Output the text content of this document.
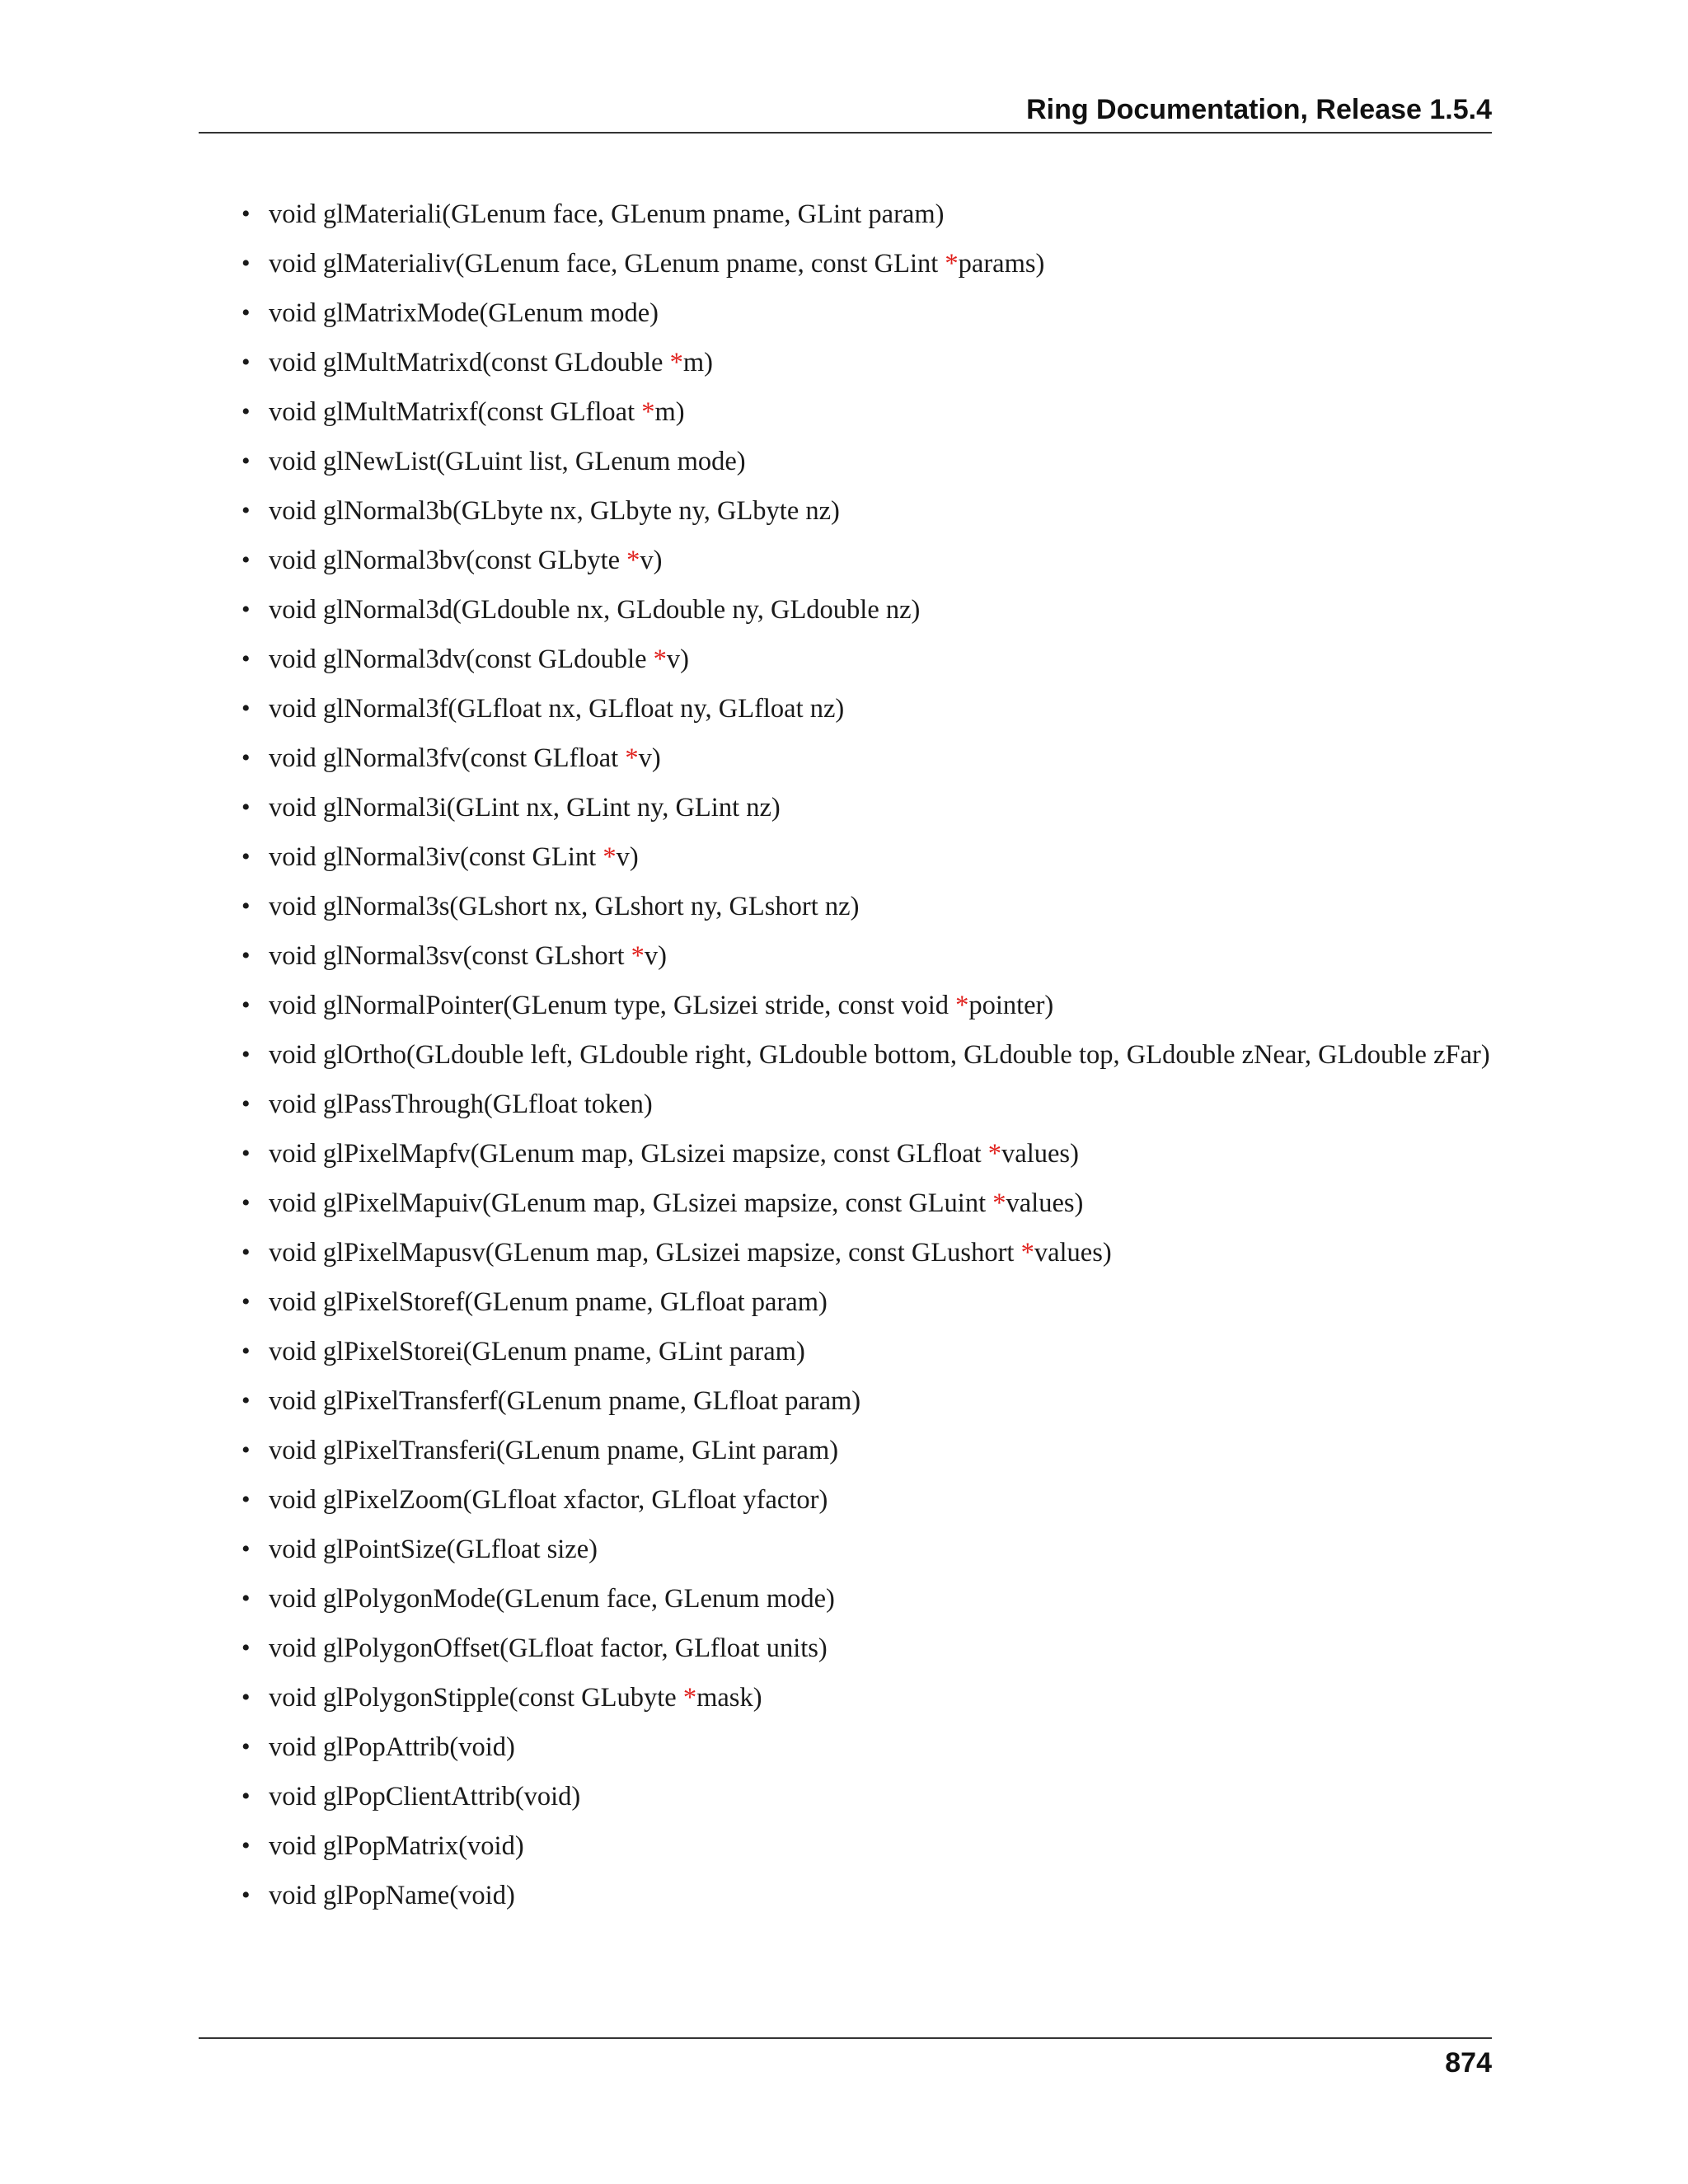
Ring Documentation, Release 1.5.4
• void glMateriali(GLenum face, GLenum pname, GLint param)
• void glMaterialiv(GLenum face, GLenum pname, const GLint *params)
• void glMatrixMode(GLenum mode)
• void glMultMatrixd(const GLdouble *m)
• void glMultMatrixf(const GLfloat *m)
• void glNewList(GLuint list, GLenum mode)
• void glNormal3b(GLbyte nx, GLbyte ny, GLbyte nz)
• void glNormal3bv(const GLbyte *v)
• void glNormal3d(GLdouble nx, GLdouble ny, GLdouble nz)
• void glNormal3dv(const GLdouble *v)
• void glNormal3f(GLfloat nx, GLfloat ny, GLfloat nz)
• void glNormal3fv(const GLfloat *v)
• void glNormal3i(GLint nx, GLint ny, GLint nz)
• void glNormal3iv(const GLint *v)
• void glNormal3s(GLshort nx, GLshort ny, GLshort nz)
• void glNormal3sv(const GLshort *v)
• void glNormalPointer(GLenum type, GLsizei stride, const void *pointer)
• void glOrtho(GLdouble left, GLdouble right, GLdouble bottom, GLdouble top, GLdouble zNear, GLdouble zFar)
• void glPassThrough(GLfloat token)
• void glPixelMapfv(GLenum map, GLsizei mapsize, const GLfloat *values)
• void glPixelMapuiv(GLenum map, GLsizei mapsize, const GLuint *values)
• void glPixelMapusv(GLenum map, GLsizei mapsize, const GLushort *values)
• void glPixelStoref(GLenum pname, GLfloat param)
• void glPixelStorei(GLenum pname, GLint param)
• void glPixelTransferf(GLenum pname, GLfloat param)
• void glPixelTransferi(GLenum pname, GLint param)
• void glPixelZoom(GLfloat xfactor, GLfloat yfactor)
• void glPointSize(GLfloat size)
• void glPolygonMode(GLenum face, GLenum mode)
• void glPolygonOffset(GLfloat factor, GLfloat units)
• void glPolygonStipple(const GLubyte *mask)
• void glPopAttrib(void)
• void glPopClientAttrib(void)
• void glPopMatrix(void)
• void glPopName(void)
874
